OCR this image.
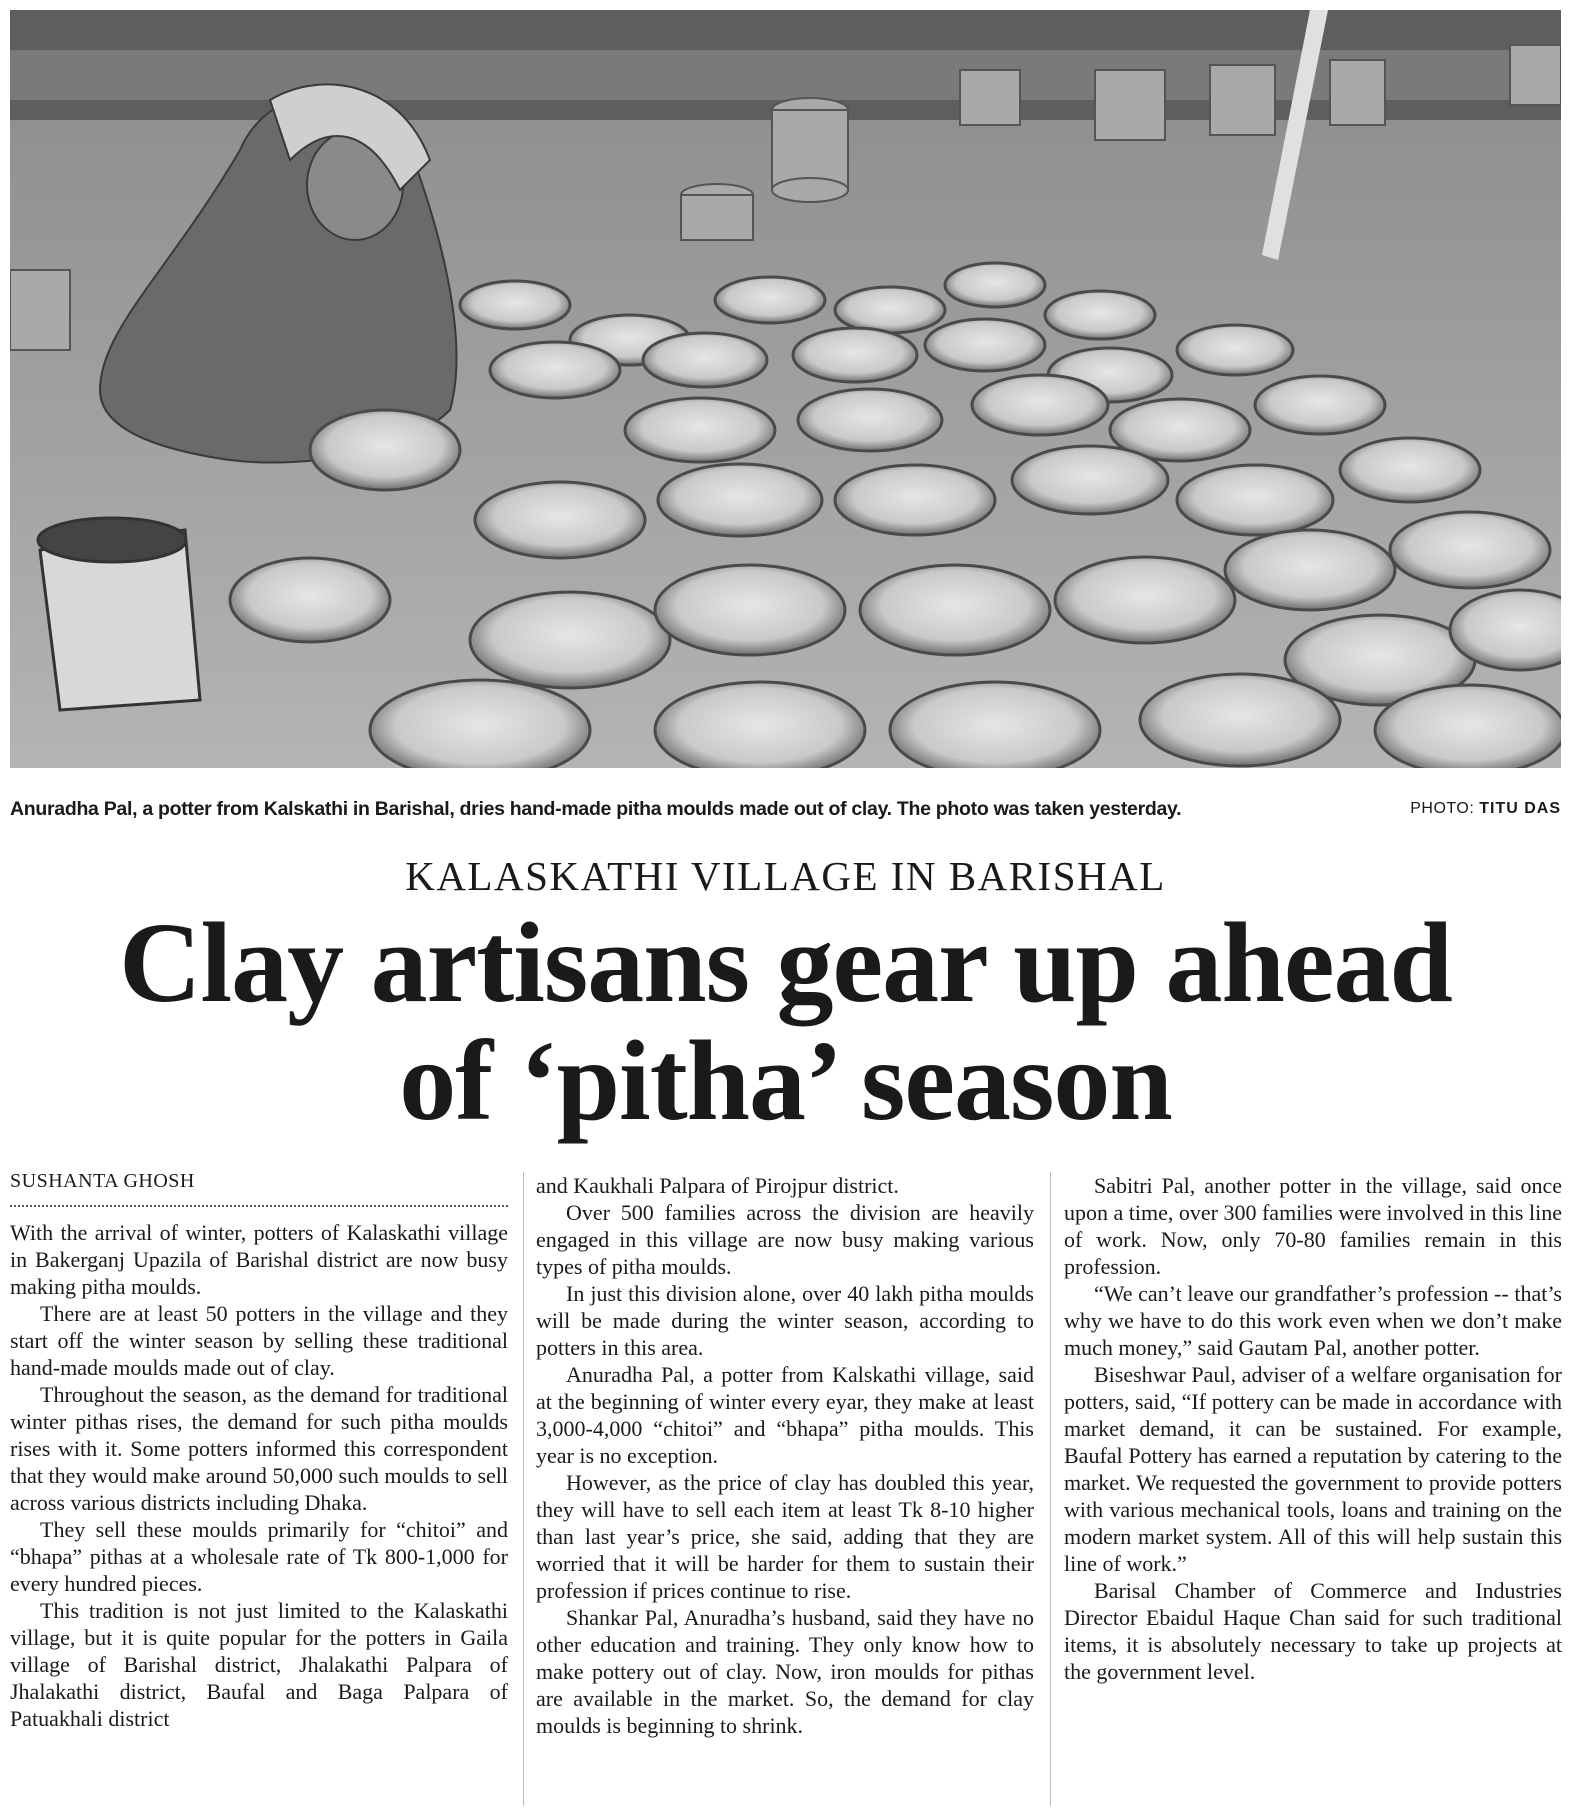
Anuradha Pal, a potter from Kalskathi in Barishal, dries hand-made pitha moulds made out of clay. The photo was taken yesterday.	PHOTO: TITU DAS
KALASKATHI VILLAGE IN BARISHAL
Clay artisans gear up ahead
of ‘pitha’ season
SUSHANTA GHOSH

With the arrival of winter, potters of Kalaskathi village in Bakerganj Upazila of Barishal district are now busy making pitha moulds.

There are at least 50 potters in the village and they start off the winter season by selling these traditional hand-made moulds made out of clay.

Throughout the season, as the demand for traditional winter pithas rises, the demand for such pitha moulds rises with it. Some potters informed this correspondent that they would make around 50,000 such moulds to sell across various districts including Dhaka.

They sell these moulds primarily for “chitoi” and “bhapa” pithas at a wholesale rate of Tk 800-1,000 for every hundred pieces.

This tradition is not just limited to the Kalaskathi village, but it is quite popular for the potters in Gaila village of Barishal district, Jhalakathi Palpara of Jhalakathi district, Baufal and Baga Palpara of Patuakhali district

and Kaukhali Palpara of Pirojpur district.

Over 500 families across the division are heavily engaged in this village are now busy making various types of pitha moulds.

In just this division alone, over 40 lakh pitha moulds will be made during the winter season, according to potters in this area.

Anuradha Pal, a potter from Kalskathi village, said at the beginning of winter every eyar, they make at least 3,000-4,000 “chitoi” and “bhapa” pitha moulds. This year is no exception.

However, as the price of clay has doubled this year, they will have to sell each item at least Tk 8-10 higher than last year’s price, she said, adding that they are worried that it will be harder for them to sustain their profession if prices continue to rise.

Shankar Pal, Anuradha’s husband, said they have no other education and training. They only know how to make pottery out of clay. Now, iron moulds for pithas are available in the market. So, the demand for clay moulds is beginning to shrink.

Sabitri Pal, another potter in the village, said once upon a time, over 300 families were involved in this line of work. Now, only 70-80 families remain in this profession.

“We can’t leave our grandfather’s profession -- that’s why we have to do this work even when we don’t make much money,” said Gautam Pal, another potter.

Biseshwar Paul, adviser of a welfare organisation for potters, said, “If pottery can be made in accordance with market demand, it can be sustained. For example, Baufal Pottery has earned a reputation by catering to the market. We requested the government to provide potters with various mechanical tools, loans and training on the modern market system. All of this will help sustain this line of work.”

Barisal Chamber of Commerce and Industries Director Ebaidul Haque Chan said for such traditional items, it is absolutely necessary to take up projects at the government level.
